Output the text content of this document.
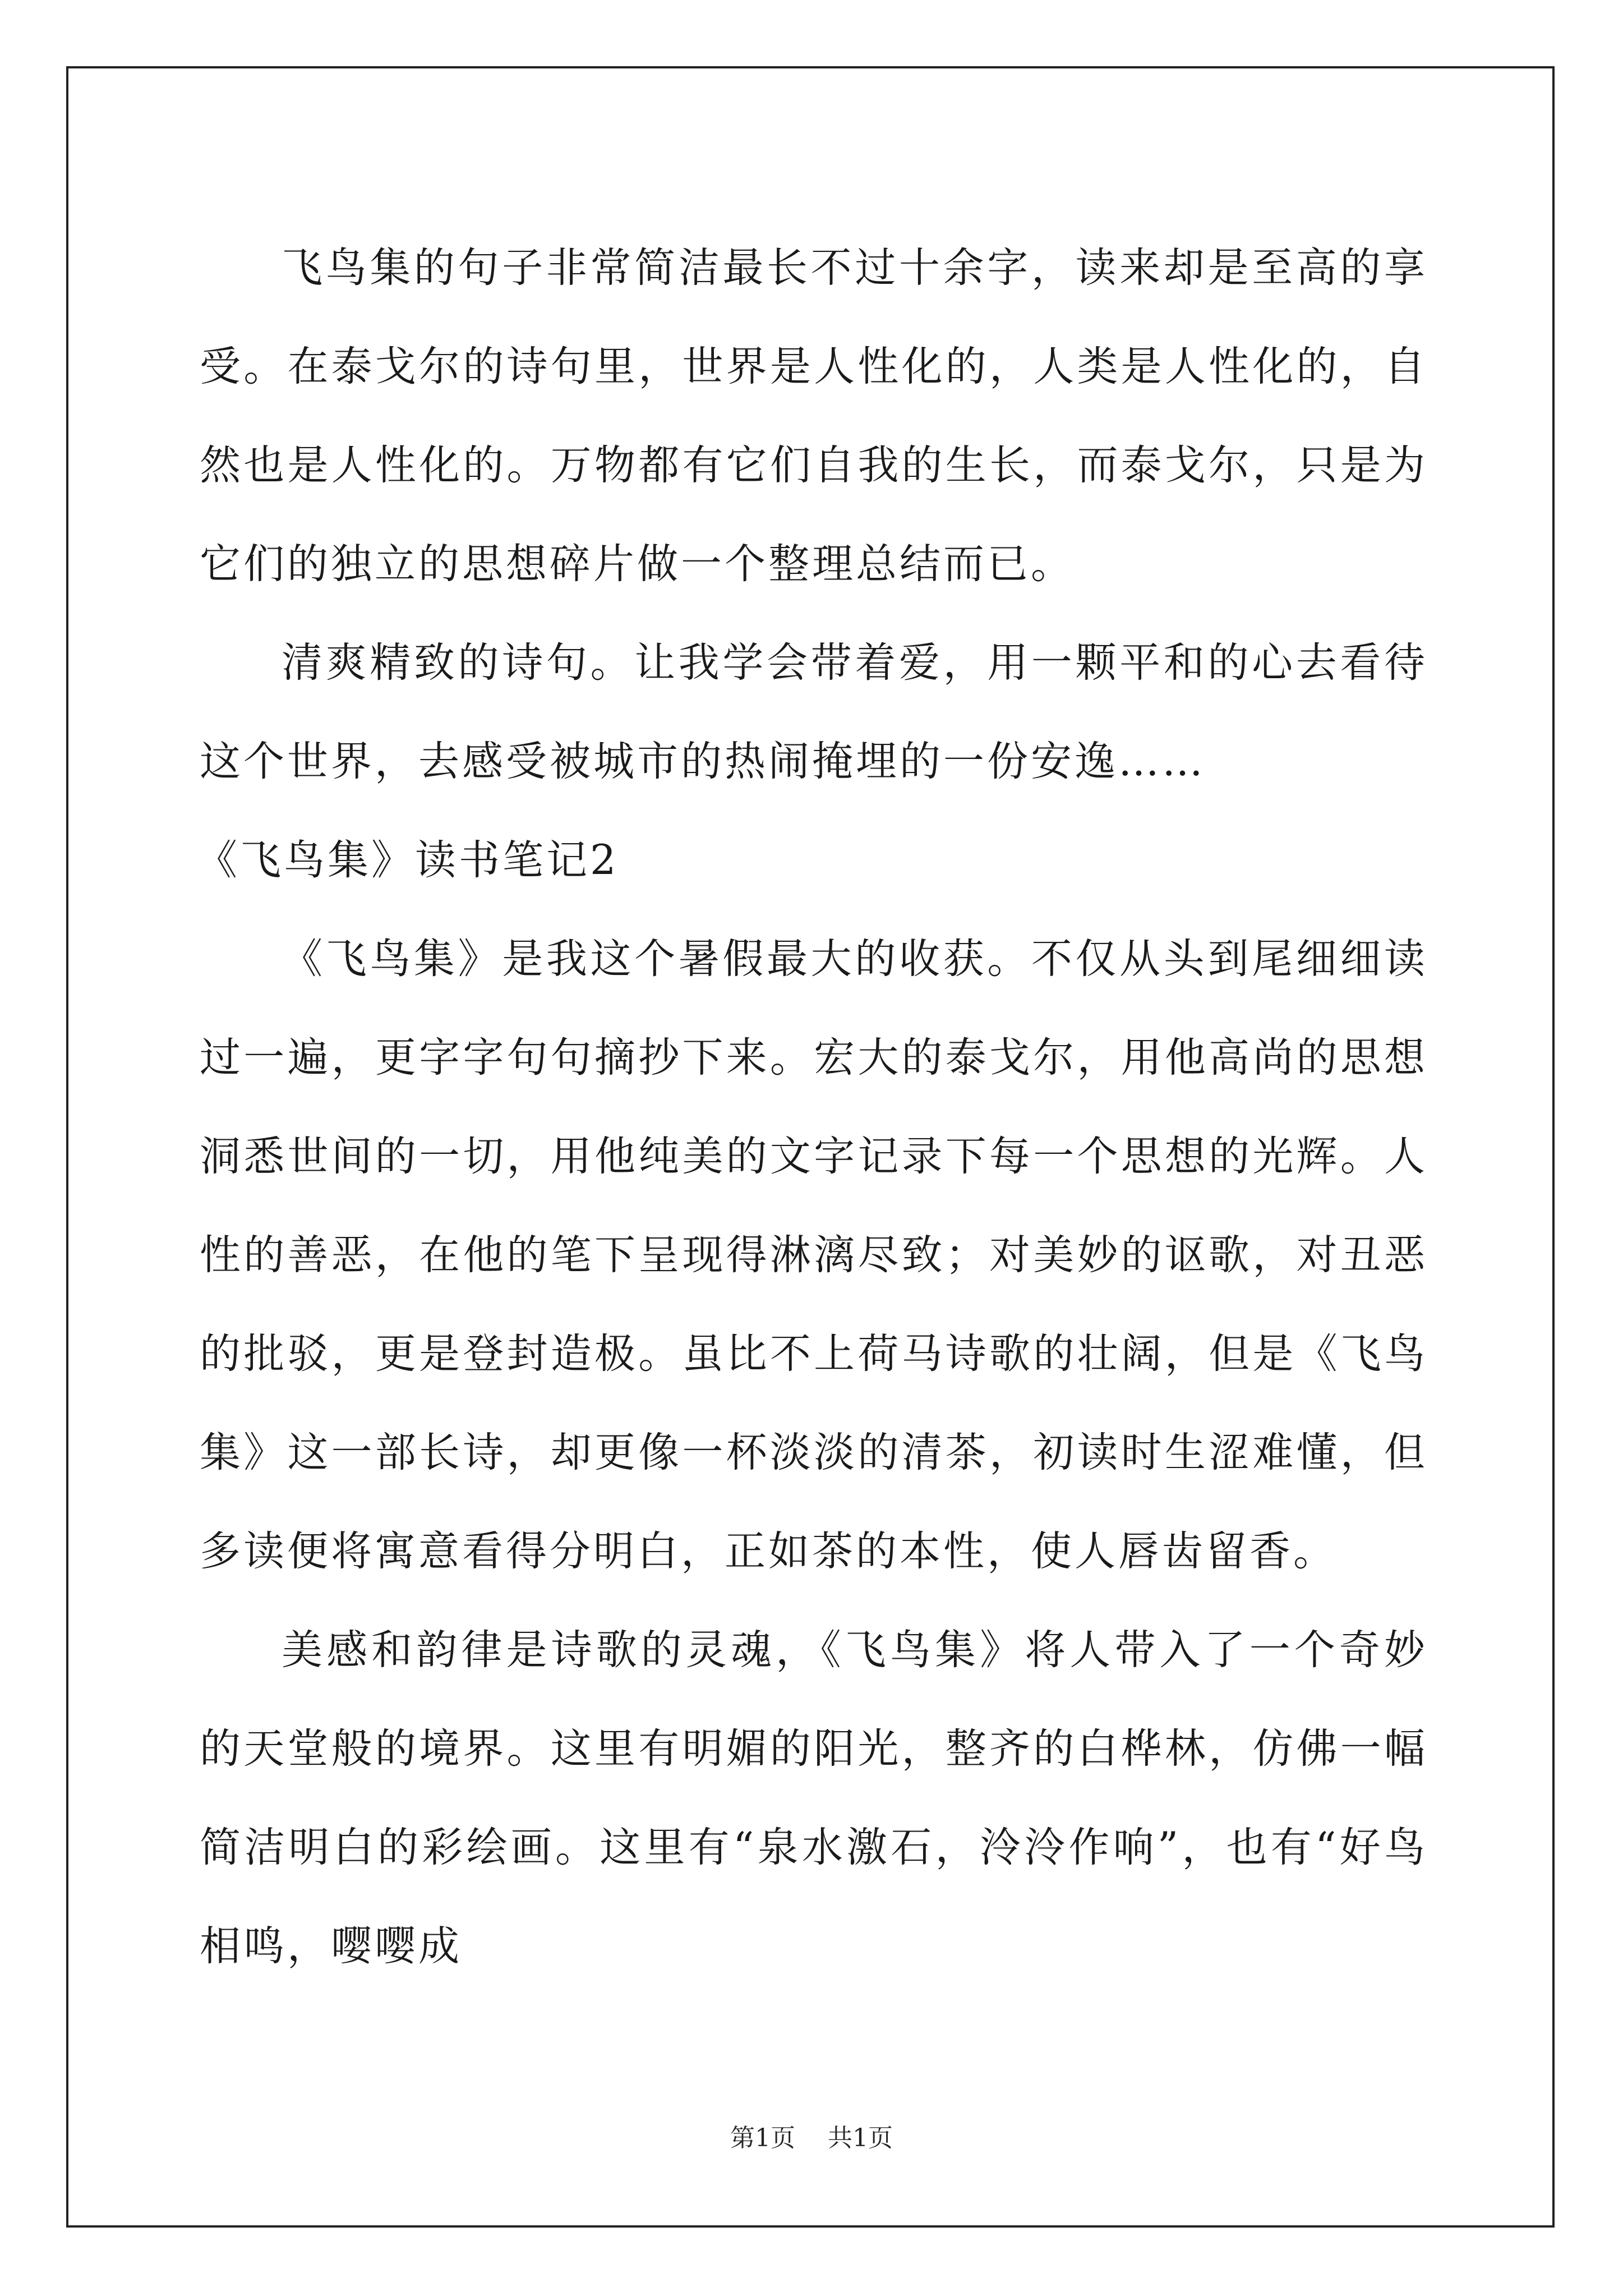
飞鸟集的句子非常简洁最长不过十余字，读来却是至高的享受。在泰戈尔的诗句里，世界是人性化的，人类是人性化的，自然也是人性化的。万物都有它们自我的生长，而泰戈尔，只是为它们的独立的思想碎片做一个整理总结而已。

清爽精致的诗句。让我学会带着爱，用一颗平和的心去看待这个世界，去感受被城市的热闹掩埋的一份安逸……

《飞鸟集》读书笔记2

《飞鸟集》是我这个暑假最大的收获。不仅从头到尾细细读过一遍，更字字句句摘抄下来。宏大的泰戈尔，用他高尚的思想洞悉世间的一切，用他纯美的文字记录下每一个思想的光辉。人性的善恶，在他的笔下呈现得淋漓尽致；对美妙的讴歌，对丑恶的批驳，更是登封造极。虽比不上荷马诗歌的壮阔，但是《飞鸟集》这一部长诗，却更像一杯淡淡的清茶，初读时生涩难懂，但多读便将寓意看得分明白，正如茶的本性，使人唇齿留香。

美感和韵律是诗歌的灵魂，《飞鸟集》将人带入了一个奇妙的天堂般的境界。这里有明媚的阳光，整齐的白桦林，仿佛一幅简洁明白的彩绘画。这里有“泉水激石，泠泠作响”，也有“好鸟相鸣，嘤嘤成

第1页 共1页
